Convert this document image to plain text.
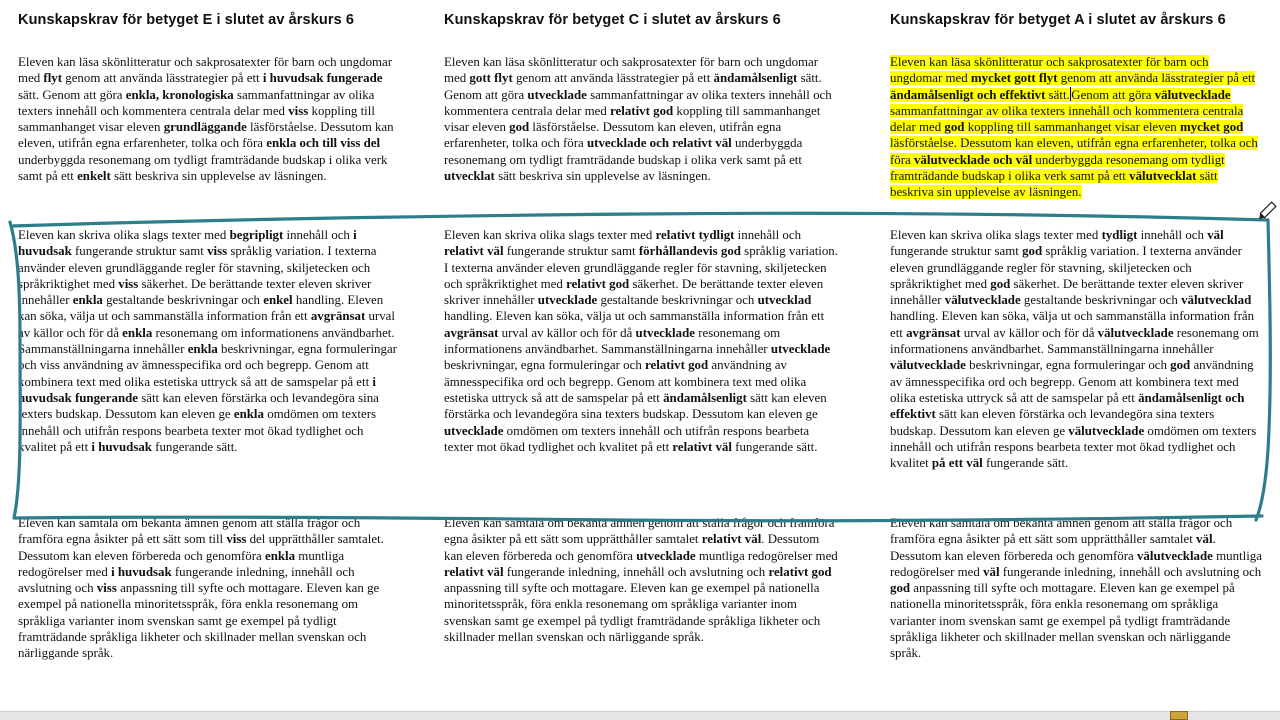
Kunskapskrav för betyget E i slutet av årskurs 6

Eleven kan läsa skönlitteratur och sakprosatexter för barn och ungdomar med flyt genom att använda lässtrategier på ett i huvudsak fungerade sätt. Genom att göra enkla, kronologiska sammanfattningar av olika texters innehåll och kommentera centrala delar med viss koppling till sammanhanget visar eleven grundläggande läsförståelse. Dessutom kan eleven, utifrån egna erfarenheter, tolka och föra enkla och till viss del underbyggda resonemang om tydligt framträdande budskap i olika verk samt på ett enkelt sätt beskriva sin upplevelse av läsningen.

Eleven kan skriva olika slags texter med begripligt innehåll och i huvudsak fungerande struktur samt viss språklig variation. I texterna använder eleven grundläggande regler för stavning, skiljetecken och språkriktighet med viss säkerhet. De berättande texter eleven skriver innehåller enkla gestaltande beskrivningar och enkel handling. Eleven kan söka, välja ut och sammanställa information från ett avgränsat urval av källor och för då enkla resonemang om informationens användbarhet. Sammanställningarna innehåller enkla beskrivningar, egna formuleringar och viss användning av ämnesspecifika ord och begrepp. Genom att kombinera text med olika estetiska uttryck så att de samspelar på ett i huvudsak fungerande sätt kan eleven förstärka och levandegöra sina texters budskap. Dessutom kan eleven ge enkla omdömen om texters innehåll och utifrån respons bearbeta texter mot ökad tydlighet och kvalitet på ett i huvudsak fungerande sätt.

Eleven kan samtala om bekanta ämnen genom att ställa frågor och framföra egna åsikter på ett sätt som till viss del upprätthåller samtalet. Dessutom kan eleven förbereda och genomföra enkla muntliga redogörelser med i huvudsak fungerande inledning, innehåll och avslutning och viss anpassning till syfte och mottagare. Eleven kan ge exempel på nationella minoritetsspråk, föra enkla resonemang om språkliga varianter inom svenskan samt ge exempel på tydligt framträdande språkliga likheter och skillnader mellan svenskan och närliggande språk.

Kunskapskrav för betyget C i slutet av årskurs 6

Eleven kan läsa skönlitteratur och sakprosatexter för barn och ungdomar med gott flyt genom att använda lässtrategier på ett ändamålsenligt sätt. Genom att göra utvecklade sammanfattningar av olika texters innehåll och kommentera centrala delar med relativt god koppling till sammanhanget visar eleven god läsförståelse. Dessutom kan eleven, utifrån egna erfarenheter, tolka och föra utvecklade och relativt väl underbyggda resonemang om tydligt framträdande budskap i olika verk samt på ett utvecklat sätt beskriva sin upplevelse av läsningen.

Eleven kan skriva olika slags texter med relativt tydligt innehåll och relativt väl fungerande struktur samt förhållandevis god språklig variation. I texterna använder eleven grundläggande regler för stavning, skiljetecken och språkriktighet med relativt god säkerhet. De berättande texter eleven skriver innehåller utvecklade gestaltande beskrivningar och utvecklad handling. Eleven kan söka, välja ut och sammanställa information från ett avgränsat urval av källor och för då utvecklade resonemang om informationens användbarhet. Sammanställningarna innehåller utvecklade beskrivningar, egna formuleringar och relativt god användning av ämnesspecifika ord och begrepp. Genom att kombinera text med olika estetiska uttryck så att de samspelar på ett ändamålsenligt sätt kan eleven förstärka och levandegöra sina texters budskap. Dessutom kan eleven ge utvecklade omdömen om texters innehåll och utifrån respons bearbeta texter mot ökad tydlighet och kvalitet på ett relativt väl fungerande sätt.

Eleven kan samtala om bekanta ämnen genom att ställa frågor och framföra egna åsikter på ett sätt som upprätthåller samtalet relativt väl. Dessutom kan eleven förbereda och genomföra utvecklade muntliga redogörelser med relativt väl fungerande inledning, innehåll och avslutning och relativt god anpassning till syfte och mottagare. Eleven kan ge exempel på nationella minoritetsspråk, föra enkla resonemang om språkliga varianter inom svenskan samt ge exempel på tydligt framträdande språkliga likheter och skillnader mellan svenskan och närliggande språk.

Kunskapskrav för betyget A i slutet av årskurs 6

Eleven kan läsa skönlitteratur och sakprosatexter för barn och ungdomar med mycket gott flyt genom att använda lässtrategier på ett ändamålsenligt och effektivt sätt. Genom att göra välutvecklade sammanfattningar av olika texters innehåll och kommentera centrala delar med god koppling till sammanhanget visar eleven mycket god läsförståelse. Dessutom kan eleven, utifrån egna erfarenheter, tolka och föra välutvecklade och väl underbyggda resonemang om tydligt framträdande budskap i olika verk samt på ett välutvecklat sätt beskriva sin upplevelse av läsningen.

Eleven kan skriva olika slags texter med tydligt innehåll och väl fungerande struktur samt god språklig variation. I texterna använder eleven grundläggande regler för stavning, skiljetecken och språkriktighet med god säkerhet. De berättande texter eleven skriver innehåller välutvecklade gestaltande beskrivningar och välutvecklad handling. Eleven kan söka, välja ut och sammanställa information från ett avgränsat urval av källor och för då välutvecklade resonemang om informationens användbarhet. Sammanställningarna innehåller välutvecklade beskrivningar, egna formuleringar och god användning av ämnesspecifika ord och begrepp. Genom att kombinera text med olika estetiska uttryck så att de samspelar på ett ändamålsenligt och effektivt sätt kan eleven förstärka och levandegöra sina texters budskap. Dessutom kan eleven ge välutvecklade omdömen om texters innehåll och utifrån respons bearbeta texter mot ökad tydlighet och kvalitet på ett väl fungerande sätt.

Eleven kan samtala om bekanta ämnen genom att ställa frågor och framföra egna åsikter på ett sätt som upprätthåller samtalet väl. Dessutom kan eleven förbereda och genomföra välutvecklade muntliga redogörelser med väl fungerande inledning, innehåll och avslutning och god anpassning till syfte och mottagare. Eleven kan ge exempel på nationella minoritetsspråk, föra enkla resonemang om språkliga varianter inom svenskan samt ge exempel på tydligt framträdande språkliga likheter och skillnader mellan svenskan och närliggande språk.
